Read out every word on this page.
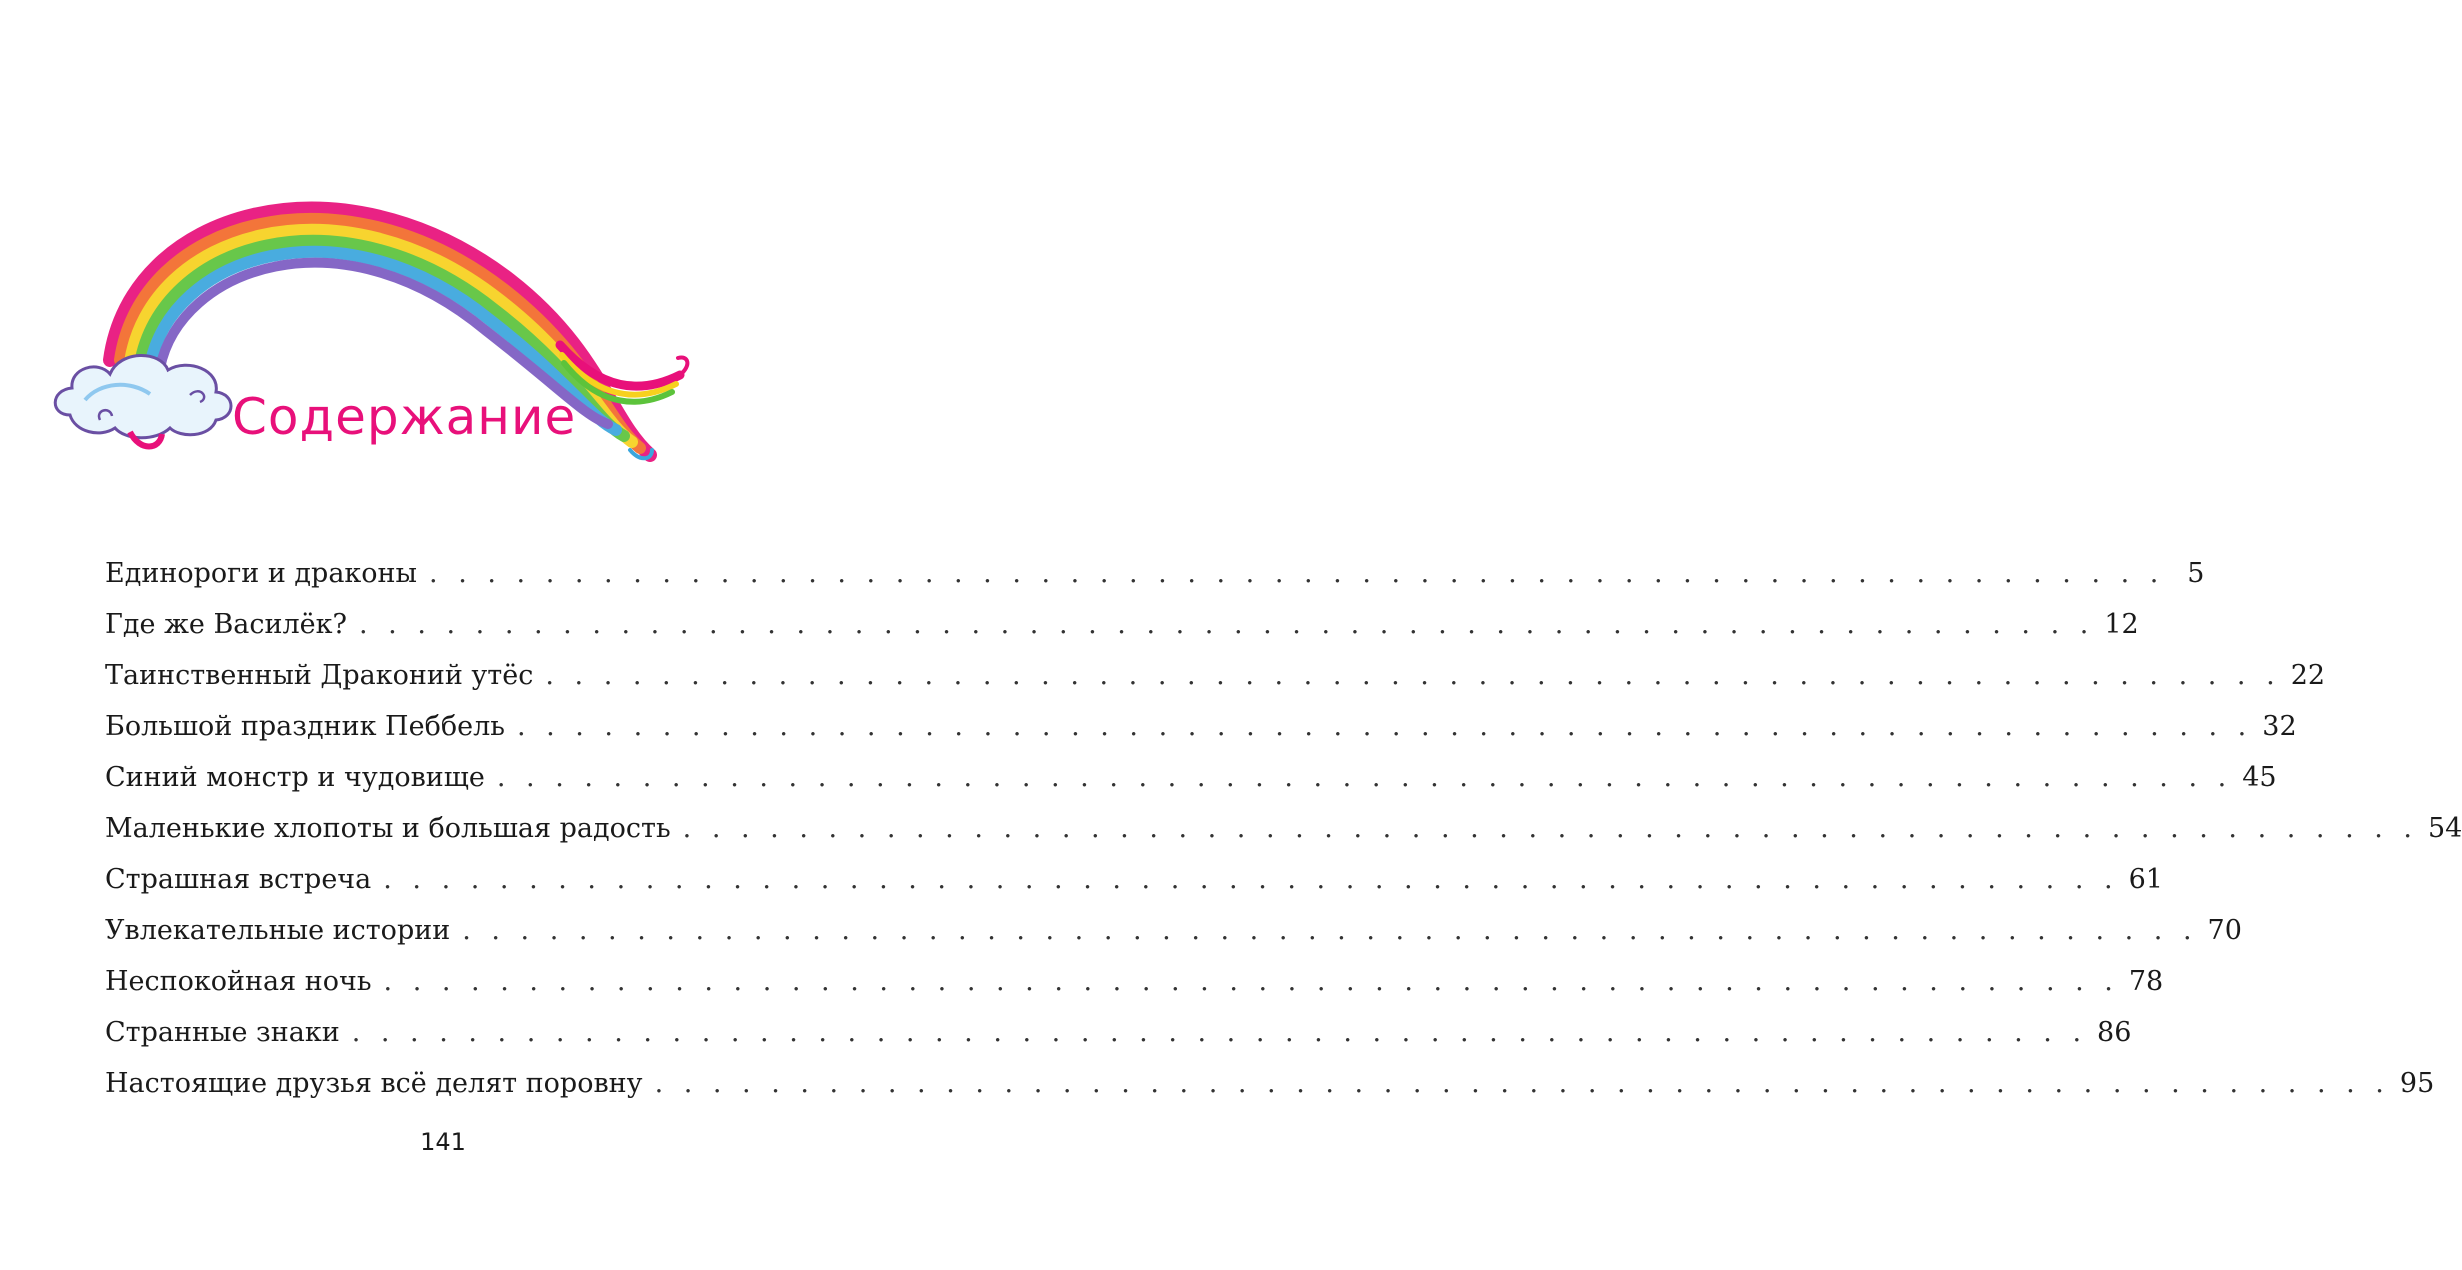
Содержание
Единороги и драконы . . . . . . . . . . . . . . . . . . . . . . . . . . . . . . . . . . . . . . . . . . . . . . . . . . . . . . . . . . . . 5
Где же Василёк? . . . . . . . . . . . . . . . . . . . . . . . . . . . . . . . . . . . . . . . . . . . . . . . . . . . . . . . . . . . . 12
Таинственный Драконий утёс . . . . . . . . . . . . . . . . . . . . . . . . . . . . . . . . . . . . . . . . . . . . . . . . . . . . . . . . . . . . 22
Большой праздник Пеббель . . . . . . . . . . . . . . . . . . . . . . . . . . . . . . . . . . . . . . . . . . . . . . . . . . . . . . . . . . . . 32
Синий монстр и чудовище . . . . . . . . . . . . . . . . . . . . . . . . . . . . . . . . . . . . . . . . . . . . . . . . . . . . . . . . . . . . 45
Маленькие хлопоты и большая радость . . . . . . . . . . . . . . . . . . . . . . . . . . . . . . . . . . . . . . . . . . . . . . . . . . . . . . . . . . . . 54
Страшная встреча . . . . . . . . . . . . . . . . . . . . . . . . . . . . . . . . . . . . . . . . . . . . . . . . . . . . . . . . . . . . 61
Увлекательные истории . . . . . . . . . . . . . . . . . . . . . . . . . . . . . . . . . . . . . . . . . . . . . . . . . . . . . . . . . . . . 70
Неспокойная ночь . . . . . . . . . . . . . . . . . . . . . . . . . . . . . . . . . . . . . . . . . . . . . . . . . . . . . . . . . . . . 78
Странные знаки . . . . . . . . . . . . . . . . . . . . . . . . . . . . . . . . . . . . . . . . . . . . . . . . . . . . . . . . . . . . 86
Настоящие друзья всё делят поровну . . . . . . . . . . . . . . . . . . . . . . . . . . . . . . . . . . . . . . . . . . . . . . . . . . . . . . . . . . . . 95
141
